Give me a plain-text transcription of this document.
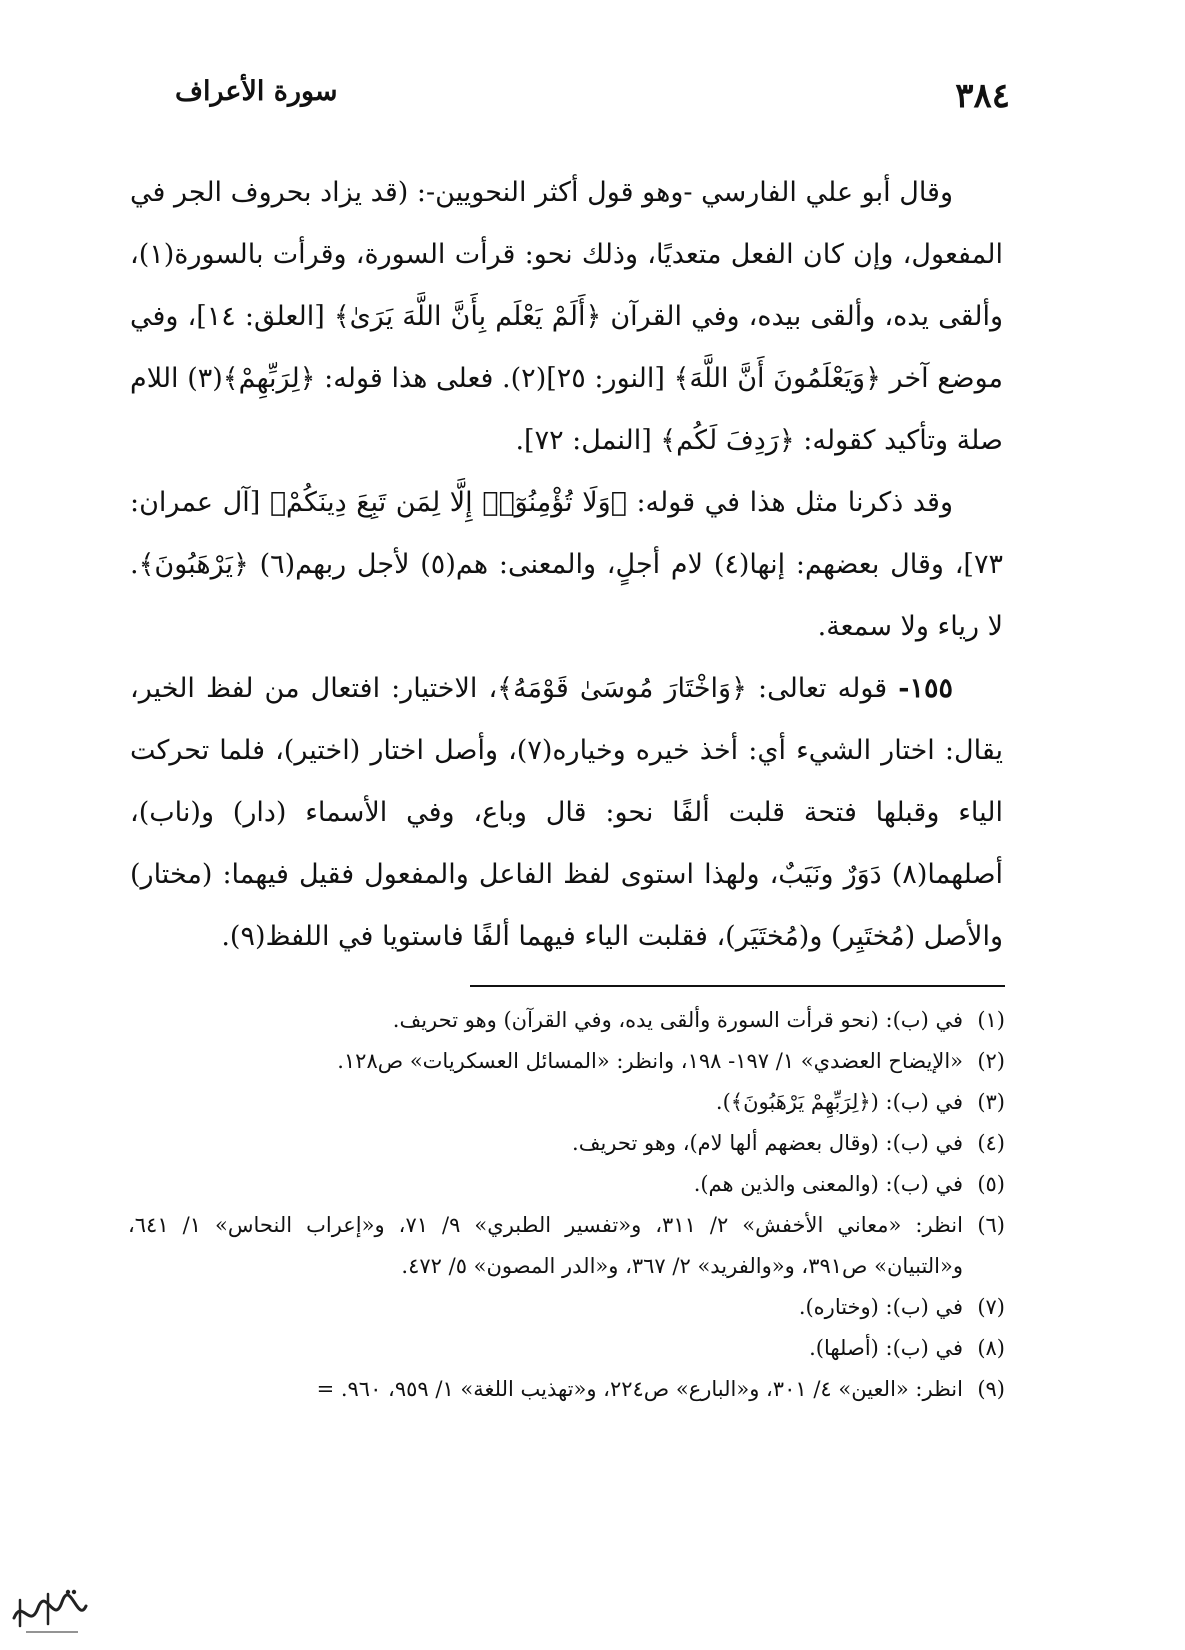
٣٨٤
سورة الأعراف

وقال أبو علي الفارسي -وهو قول أكثر النحويين-: (قد يزاد بحروف الجر في المفعول، وإن كان الفعل متعديًا، وذلك نحو: قرأت السورة، وقرأت بالسورة(١)، وألقى يده، وألقى بيده، وفي القرآن ﴿أَلَمْ يَعْلَم بِأَنَّ اللَّهَ يَرَىٰ﴾ [العلق: ١٤]، وفي موضع آخر ﴿وَيَعْلَمُونَ أَنَّ اللَّهَ﴾ [النور: ٢٥](٢). فعلى هذا قوله: ﴿لِرَبِّهِمْ﴾(٣) اللام صلة وتأكيد كقوله: ﴿رَدِفَ لَكُم﴾ [النمل: ٧٢].

وقد ذكرنا مثل هذا في قوله: ﴿وَلَا تُؤْمِنُوٓا۟ إِلَّا لِمَن تَبِعَ دِينَكُمْ﴾ [آل عمران: ٧٣]، وقال بعضهم: إنها(٤) لام أجلٍ، والمعنى: هم(٥) لأجل ربهم(٦) ﴿يَرْهَبُونَ﴾. لا رياء ولا سمعة.

١٥٥- قوله تعالى: ﴿وَاخْتَارَ مُوسَىٰ قَوْمَهُ﴾، الاختيار: افتعال من لفظ الخير، يقال: اختار الشيء أي: أخذ خيره وخياره(٧)، وأصل اختار (اختير)، فلما تحركت الياء وقبلها فتحة قلبت ألفًا نحو: قال وباع، وفي الأسماء (دار) و(ناب)، أصلهما(٨) دَوَرٌ ونَيَبٌ، ولهذا استوى لفظ الفاعل والمفعول فقيل فيهما: (مختار) والأصل (مُختَيِر) و(مُختَيَر)، فقلبت الياء فيهما ألفًا فاستويا في اللفظ(٩).

(١)
في (ب): (نحو قرأت السورة وألقى يده، وفي القرآن) وهو تحريف.
(٢)
«الإيضاح العضدي» ١/ ١٩٧- ١٩٨، وانظر: «المسائل العسكريات» ص١٢٨.
(٣)
في (ب): (﴿لِرَبِّهِمْ يَرْهَبُونَ﴾).
(٤)
في (ب): (وقال بعضهم ألها لام)، وهو تحريف.
(٥)
في (ب): (والمعنى والذين هم).
(٦)
انظر: «معاني الأخفش» ٢/ ٣١١، و«تفسير الطبري» ٩/ ٧١، و«إعراب النحاس» ١/ ٦٤١، و«التبيان» ص٣٩١، و«والفريد» ٢/ ٣٦٧، و«الدر المصون» ٥/ ٤٧٢.
(٧)
في (ب): (وختاره).
(٨)
في (ب): (أصلها).
(٩)
انظر: «العين» ٤/ ٣٠١، و«البارع» ص٢٢٤، و«تهذيب اللغة» ١/ ٩٥٩، ٩٦٠. =
